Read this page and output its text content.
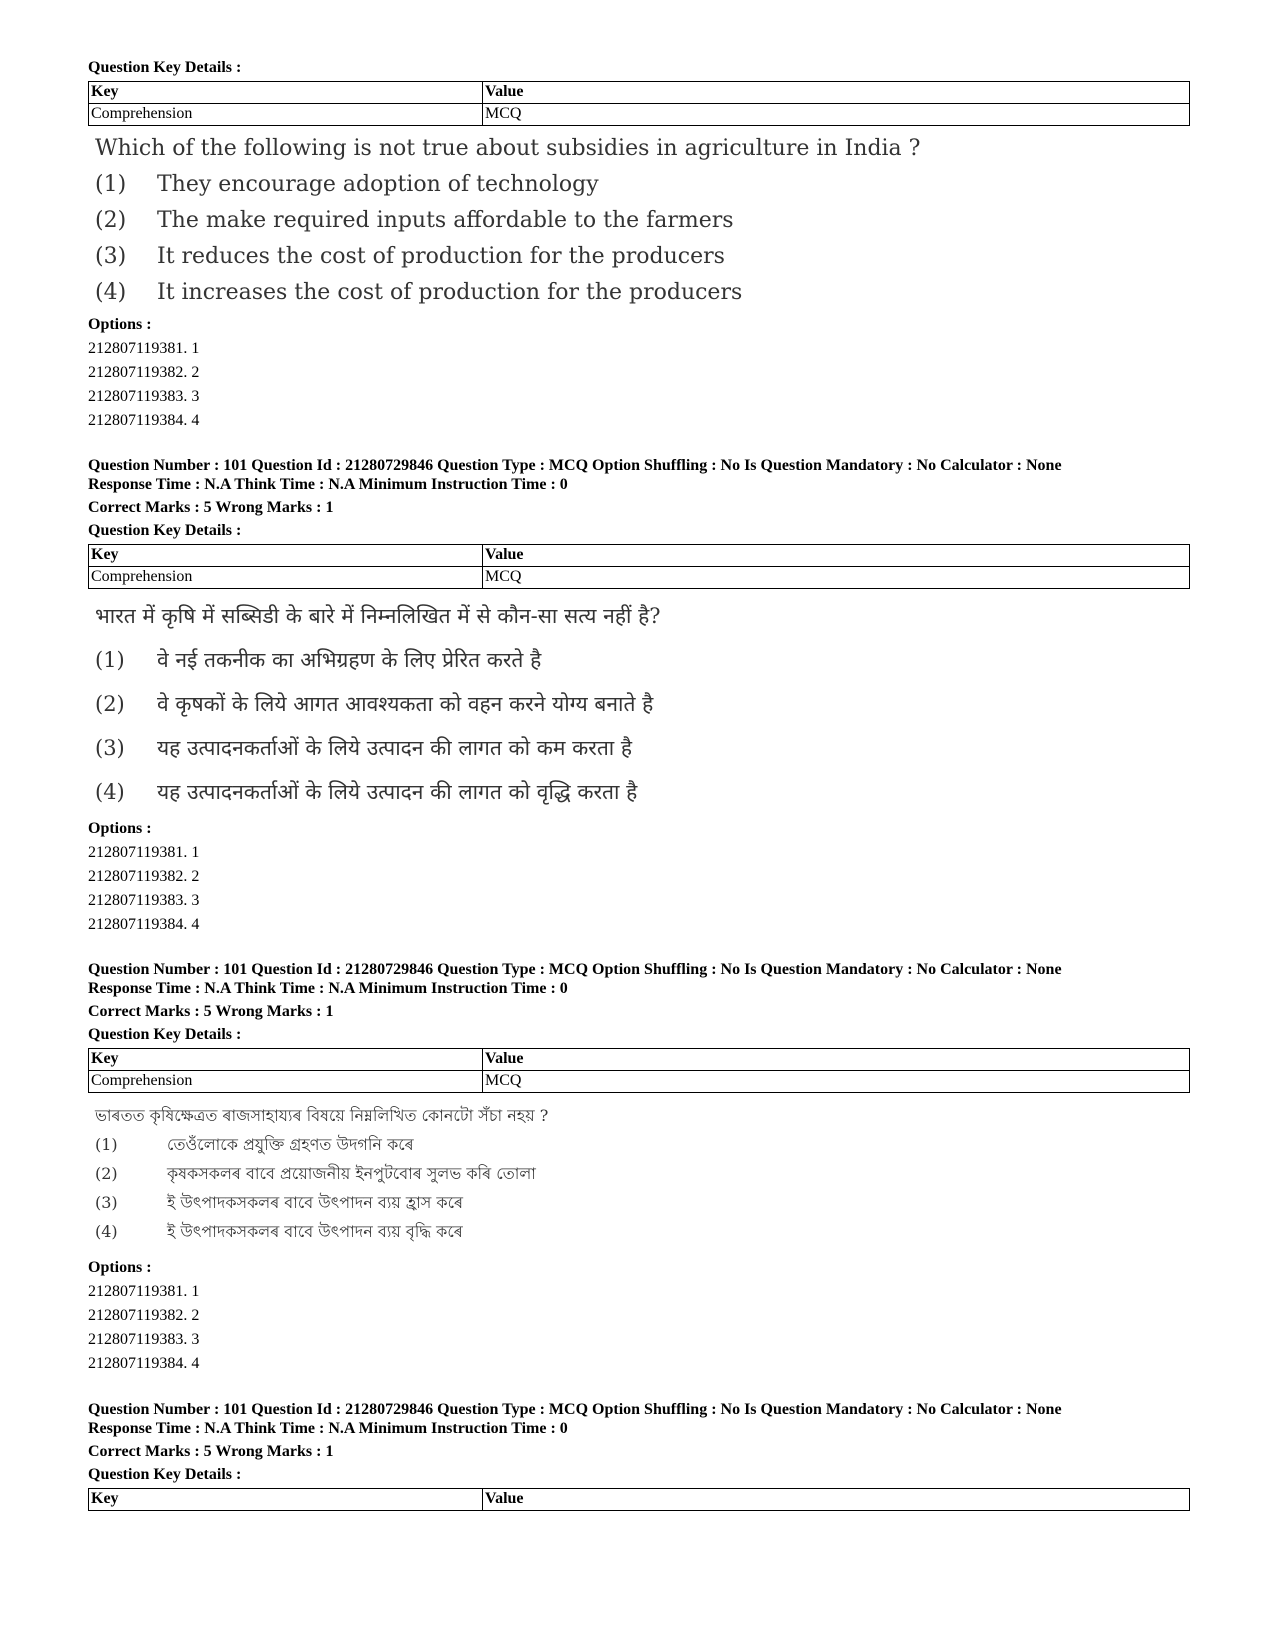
Question Key Details :
Key	Value
Comprehension	MCQ
Which of the following is not true about subsidies in agriculture in India ?
(1) They encourage adoption of technology
(2) The make required inputs affordable to the farmers
(3) It reduces the cost of production for the producers
(4) It increases the cost of production for the producers
Options :
212807119381. 1
212807119382. 2
212807119383. 3
212807119384. 4
Question Number : 101 Question Id : 21280729846 Question Type : MCQ Option Shuffling : No Is Question Mandatory : No Calculator : None
Response Time : N.A Think Time : N.A Minimum Instruction Time : 0
Correct Marks : 5 Wrong Marks : 1
Question Key Details :
Key	Value
Comprehension	MCQ
भारत में कृषि में सब्सिडी के बारे में निम्नलिखित में से कौन-सा सत्य नहीं है?
(1) वे नई तकनीक का अभिग्रहण के लिए प्रेरित करते है
(2) वे कृषकों के लिये आगत आवश्यकता को वहन करने योग्य बनाते है
(3) यह उत्पादनकर्ताओं के लिये उत्पादन की लागत को कम करता है
(4) यह उत्पादनकर्ताओं के लिये उत्पादन की लागत को वृद्धि करता है
Options :
212807119381. 1
212807119382. 2
212807119383. 3
212807119384. 4
Question Number : 101 Question Id : 21280729846 Question Type : MCQ Option Shuffling : No Is Question Mandatory : No Calculator : None
Response Time : N.A Think Time : N.A Minimum Instruction Time : 0
Correct Marks : 5 Wrong Marks : 1
Question Key Details :
Key	Value
Comprehension	MCQ
ভাৰতত কৃষিক্ষেত্ৰত ৰাজসাহায্যৰ বিষয়ে নিম্নলিখিত কোনটো সঁচা নহয় ?
(1)	তেওঁলোকে প্ৰযুক্তি গ্ৰহণত উদগনি কৰে
(2)	কৃষকসকলৰ বাবে প্ৰয়োজনীয় ইনপুটবোৰ সুলভ কৰি তোলা
(3)	ই উৎপাদকসকলৰ বাবে উৎপাদন ব্যয় হ্ৰাস কৰে
(4)	ই উৎপাদকসকলৰ বাবে উৎপাদন ব্যয় বৃদ্ধি কৰে
Options :
212807119381. 1
212807119382. 2
212807119383. 3
212807119384. 4
Question Number : 101 Question Id : 21280729846 Question Type : MCQ Option Shuffling : No Is Question Mandatory : No Calculator : None
Response Time : N.A Think Time : N.A Minimum Instruction Time : 0
Correct Marks : 5 Wrong Marks : 1
Question Key Details :
Key	Value
